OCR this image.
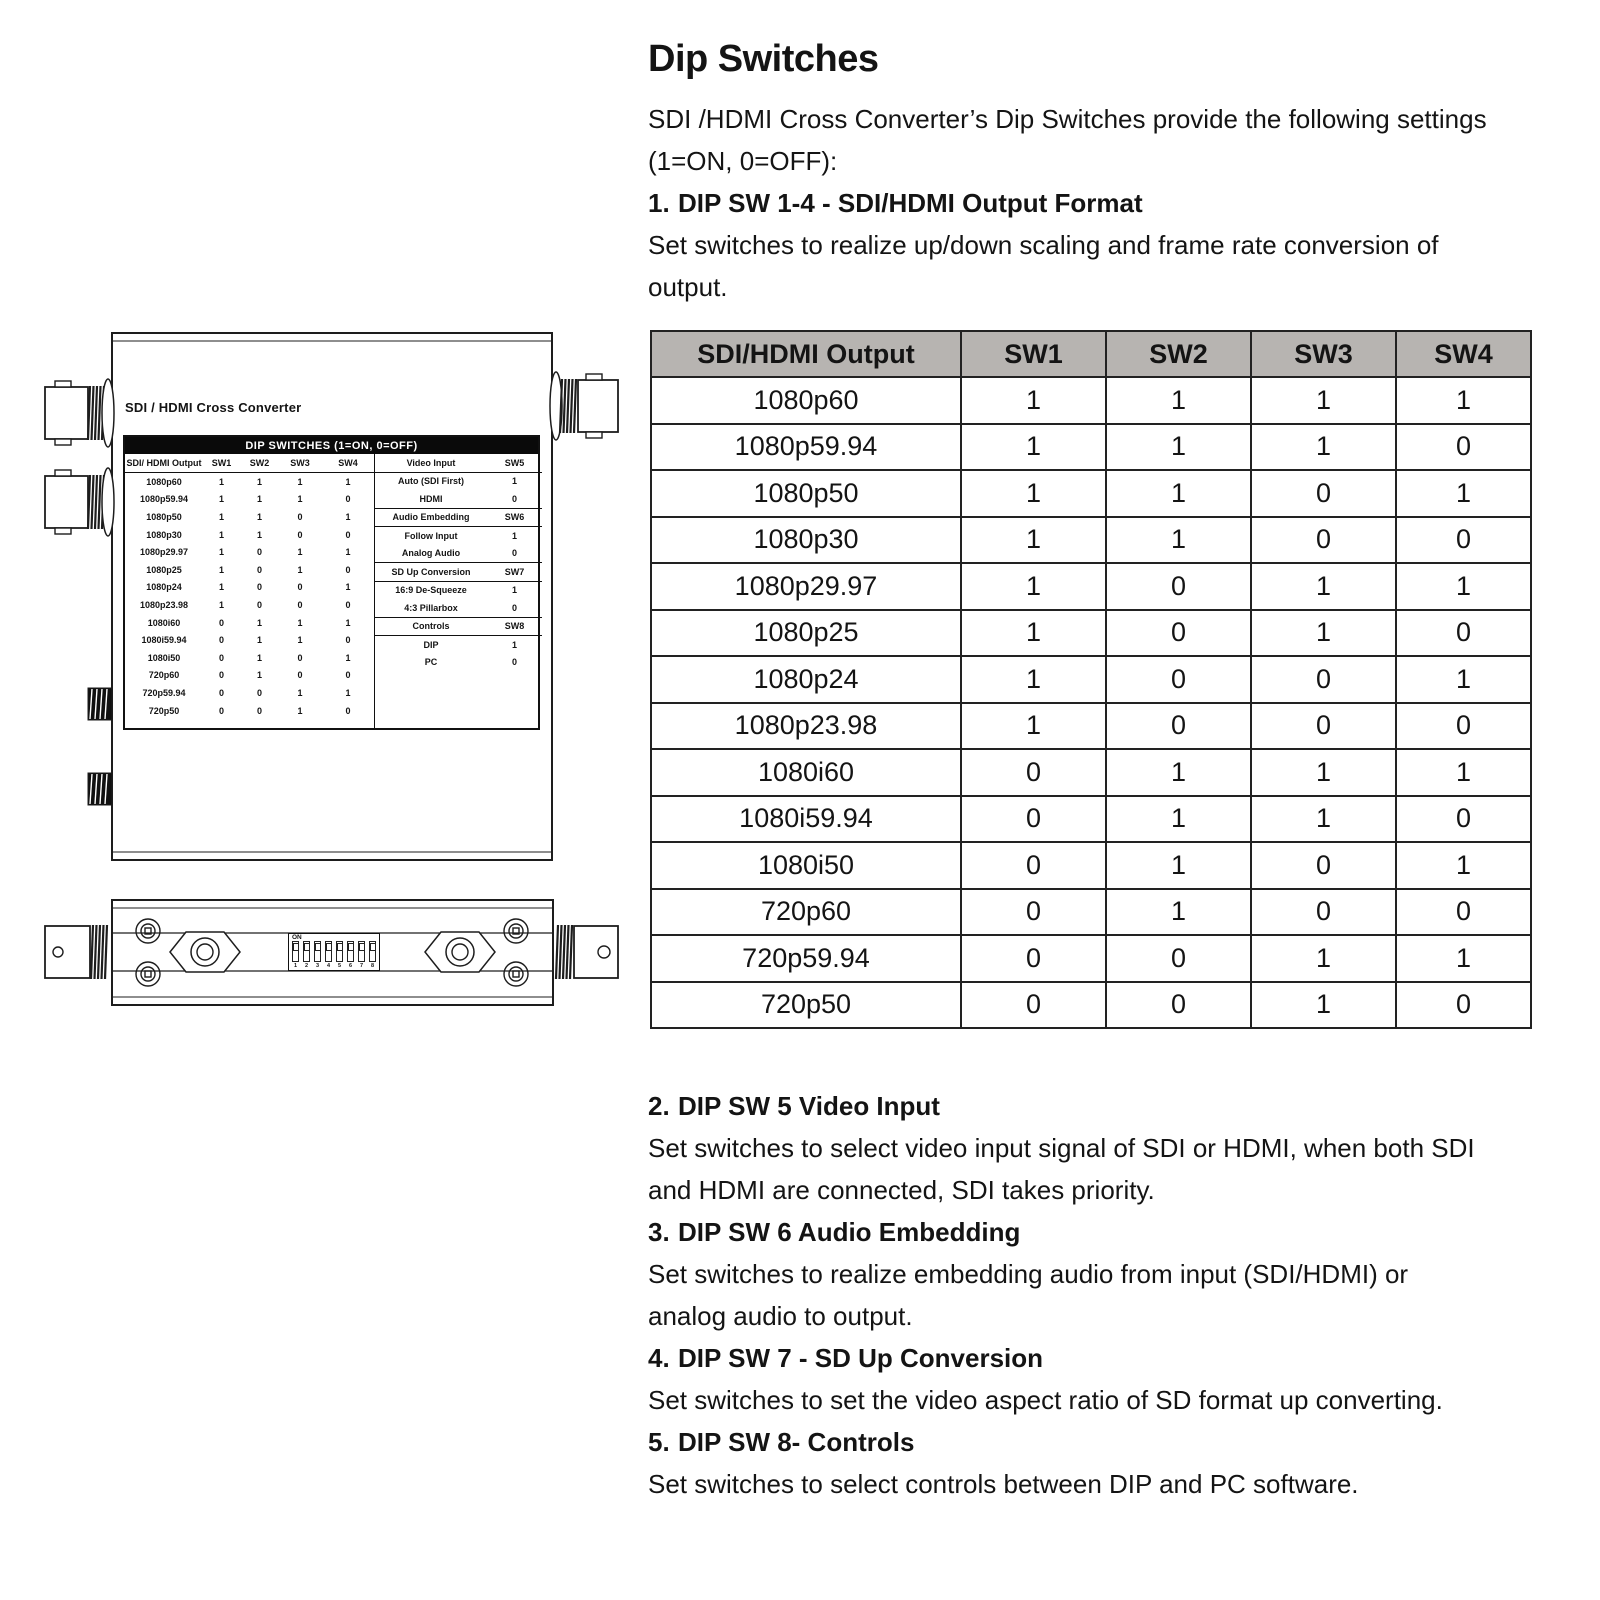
SDI / HDMI Cross Converter
DIP SWITCHES (1=ON, 0=OFF)
SDI/ HDMI Output	SW1	SW2	SW3	SW4
1080p60	1	1	1	1
1080p59.94	1	1	1	0
1080p50	1	1	0	1
1080p30	1	1	0	0
1080p29.97	1	0	1	1
1080p25	1	0	1	0
1080p24	1	0	0	1
1080p23.98	1	0	0	0
1080i60	0	1	1	1
1080i59.94	0	1	1	0
1080i50	0	1	0	1
720p60	0	1	0	0
720p59.94	0	0	1	1
720p50	0	0	1	0
Video Input	SW5
Auto (SDI First)	1
HDMI	0
Audio Embedding	SW6
Follow Input	1
Analog Audio	0
SD Up Conversion	SW7
16:9 De-Squeeze	1
4:3 Pillarbox	0
Controls	SW8
DIP	1
PC	0
ON
1	2	3	4	5	6	7	8
Dip Switches
SDI /HDMI Cross Converter’s Dip Switches provide the following settings
(1=ON, 0=OFF):
1. DIP SW 1-4 - SDI/HDMI Output Format
Set switches to realize up/down scaling and frame rate conversion of
output.
SDI/HDMI Output	SW1	SW2	SW3	SW4
1080p60	1	1	1	1
1080p59.94	1	1	1	0
1080p50	1	1	0	1
1080p30	1	1	0	0
1080p29.97	1	0	1	1
1080p25	1	0	1	0
1080p24	1	0	0	1
1080p23.98	1	0	0	0
1080i60	0	1	1	1
1080i59.94	0	1	1	0
1080i50	0	1	0	1
720p60	0	1	0	0
720p59.94	0	0	1	1
720p50	0	0	1	0
2. DIP SW 5 Video Input
Set switches to select video input signal of SDI or HDMI, when both SDI
and HDMI are connected, SDI takes priority.
3. DIP SW 6 Audio Embedding
Set switches to realize embedding audio from input (SDI/HDMI) or
analog audio to output.
4. DIP SW 7 - SD Up Conversion
Set switches to set the video aspect ratio of SD format up converting.
5. DIP SW 8- Controls
Set switches to select controls between DIP and PC software.
